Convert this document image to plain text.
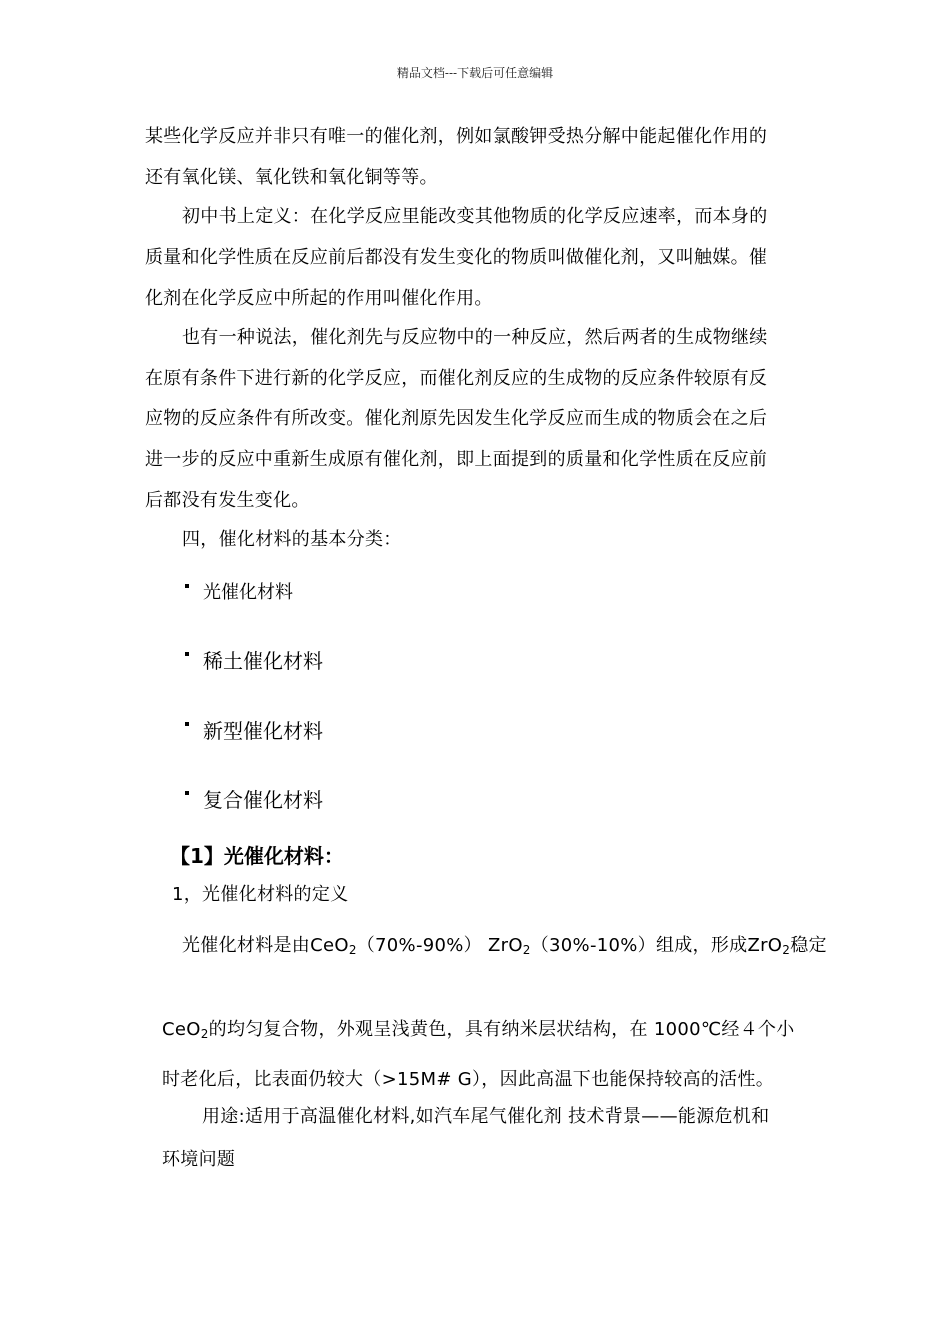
精品文档---下载后可任意编辑
某些化学反应并非只有唯一的催化剂，例如氯酸钾受热分解中能起催化作用的
还有氧化镁、氧化铁和氧化铜等等。
初中书上定义：在化学反应里能改变其他物质的化学反应速率，而本身的
质量和化学性质在反应前后都没有发生变化的物质叫做催化剂，又叫触媒。催
化剂在化学反应中所起的作用叫催化作用。
也有一种说法，催化剂先与反应物中的一种反应，然后两者的生成物继续
在原有条件下进行新的化学反应，而催化剂反应的生成物的反应条件较原有反
应物的反应条件有所改变。催化剂原先因发生化学反应而生成的物质会在之后
进一步的反应中重新生成原有催化剂，即上面提到的质量和化学性质在反应前
后都没有发生变化。
四，催化材料的基本分类：
光催化材料
稀土催化材料
新型催化材料
复合催化材料
【1】光催化材料：
1，光催化材料的定义
光催化材料是由CeO$_2$（70%-90%） ZrO$_2$（30%-10%）组成，形成ZrO$_2$稳定
CeO$_2$的均匀复合物，外观呈浅黄色，具有纳米层状结构，在 1000℃经４个小
时老化后，比表面仍较大（>15M# G），因此高温下也能保持较高的活性。
用途:适用于高温催化材料,如汽车尾气催化剂 技术背景——能源危机和
环境问题
